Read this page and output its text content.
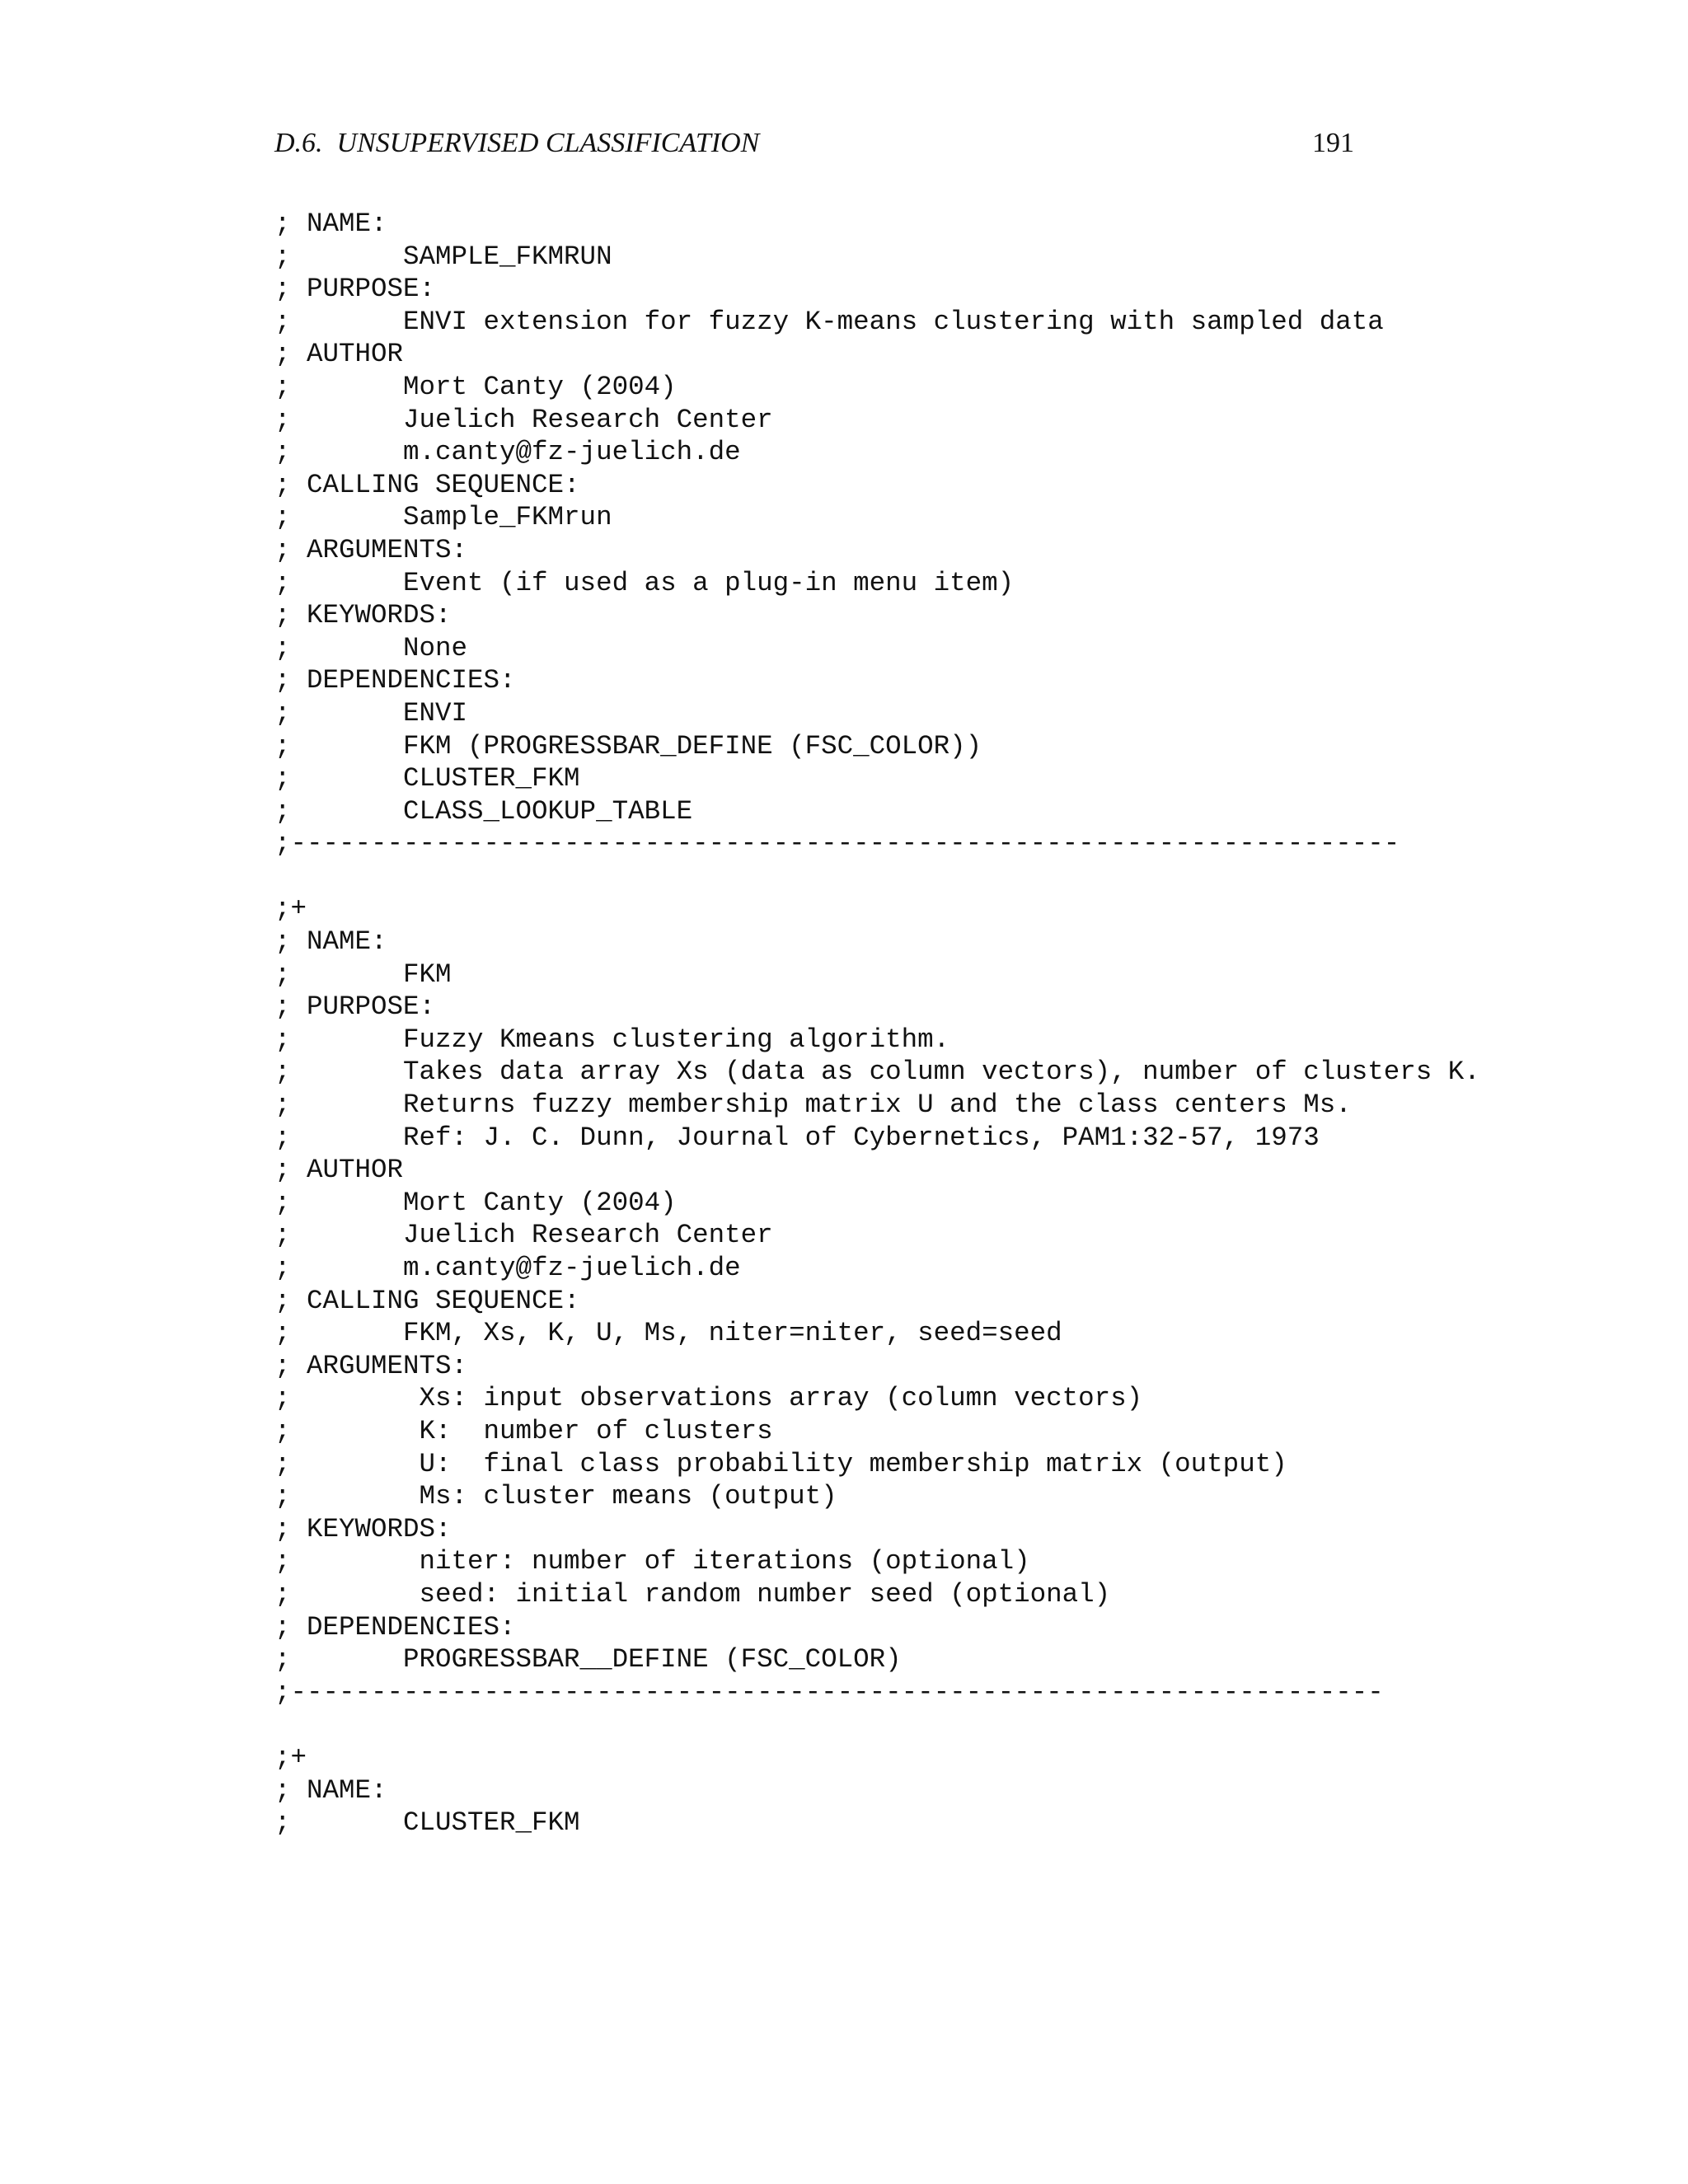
D.6.  UNSUPERVISED CLASSIFICATION	191
; NAME:
;       SAMPLE_FKMRUN
; PURPOSE:
;       ENVI extension for fuzzy K-means clustering with sampled data
; AUTHOR
;       Mort Canty (2004)
;       Juelich Research Center
;       m.canty@fz-juelich.de
; CALLING SEQUENCE:
;       Sample_FKMrun
; ARGUMENTS:
;       Event (if used as a plug-in menu item)
; KEYWORDS:
;       None
; DEPENDENCIES:
;       ENVI
;       FKM (PROGRESSBAR_DEFINE (FSC_COLOR))
;       CLUSTER_FKM
;       CLASS_LOOKUP_TABLE
;---------------------------------------------------------------------
;+
; NAME:
;       FKM
; PURPOSE:
;       Fuzzy Kmeans clustering algorithm.
;       Takes data array Xs (data as column vectors), number of clusters K.
;       Returns fuzzy membership matrix U and the class centers Ms.
;       Ref: J. C. Dunn, Journal of Cybernetics, PAM1:32-57, 1973
; AUTHOR
;       Mort Canty (2004)
;       Juelich Research Center
;       m.canty@fz-juelich.de
; CALLING SEQUENCE:
;       FKM, Xs, K, U, Ms, niter=niter, seed=seed
; ARGUMENTS:
;        Xs: input observations array (column vectors)
;        K:  number of clusters
;        U:  final class probability membership matrix (output)
;        Ms: cluster means (output)
; KEYWORDS:
;        niter: number of iterations (optional)
;        seed: initial random number seed (optional)
; DEPENDENCIES:
;       PROGRESSBAR__DEFINE (FSC_COLOR)
;--------------------------------------------------------------------
;+
; NAME:
;       CLUSTER_FKM
